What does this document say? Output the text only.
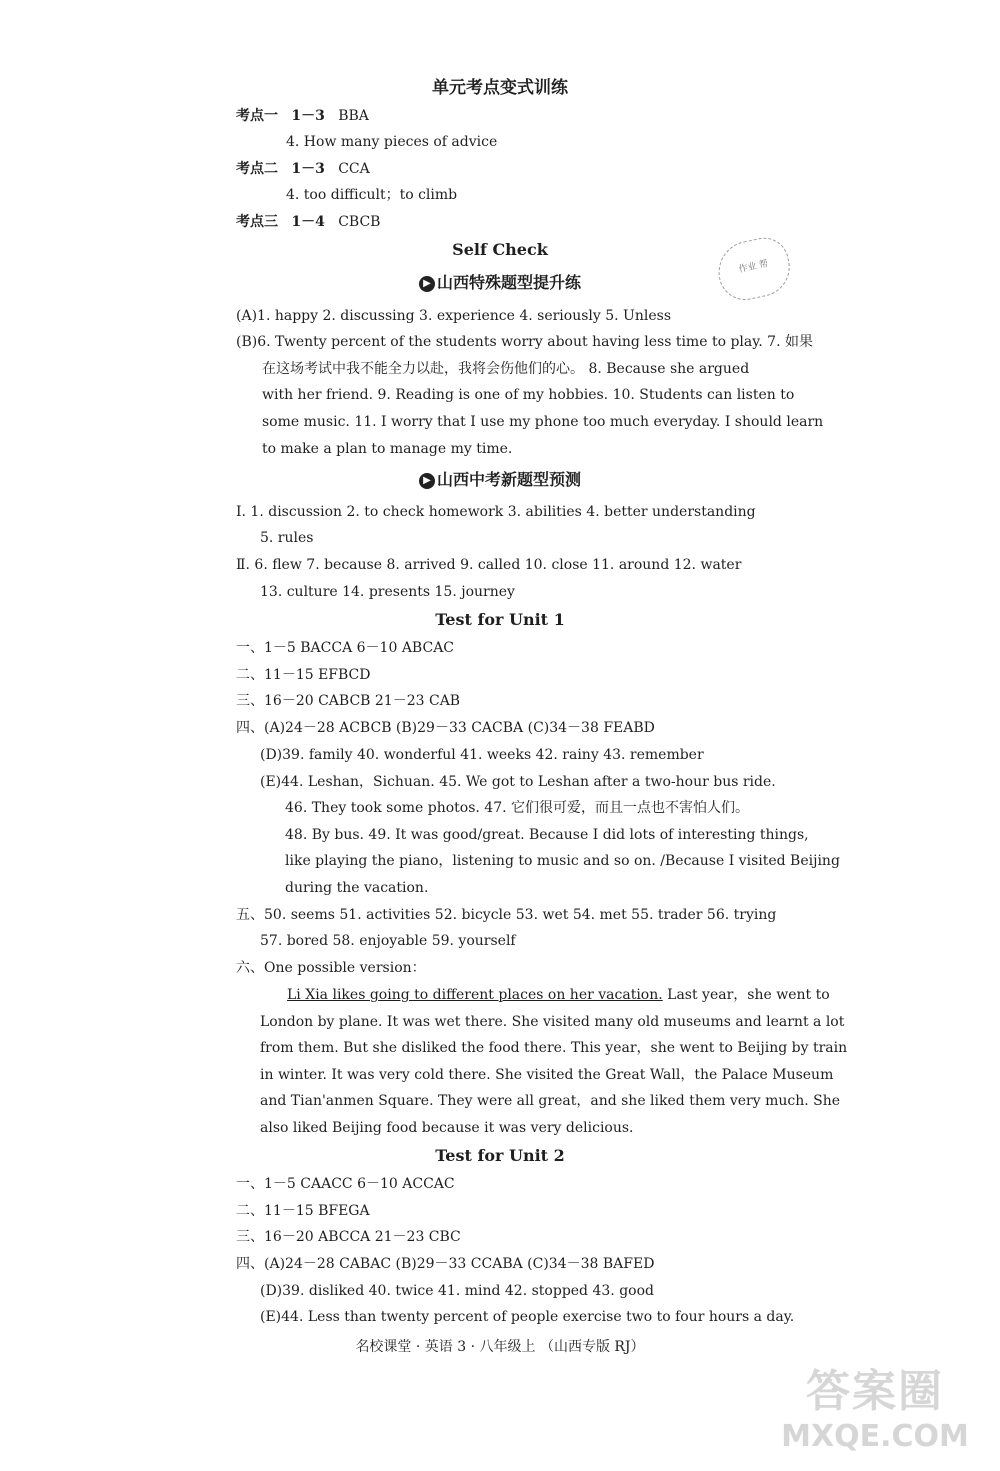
单元考点变式训练
考点一 1－3 BBA
4. How many pieces of advice
考点二 1－3 CCA
4. too difficult；to climb
考点三 1－4 CBCB
Self Check
作业 帮
▶ 山西特殊题型提升练
(A)1. happy 2. discussing 3. experience 4. seriously 5. Unless
(B)6. Twenty percent of the students worry about having less time to play. 7. 如果
在这场考试中我不能全力以赴，我将会伤他们的心。 8. Because she argued
with her friend. 9. Reading is one of my hobbies. 10. Students can listen to
some music. 11. I worry that I use my phone too much everyday. I should learn
to make a plan to manage my time.
▶ 山西中考新题型预测
Ⅰ. 1. discussion 2. to check homework 3. abilities 4. better understanding
5. rules
Ⅱ. 6. flew 7. because 8. arrived 9. called 10. close 11. around 12. water
13. culture 14. presents 15. journey
Test for Unit 1
一、1－5 BACCA 6－10 ABCAC
二、11－15 EFBCD
三、16－20 CABCB 21－23 CAB
四、(A)24－28 ACBCB (B)29－33 CACBA (C)34－38 FEABD
(D)39. family 40. wonderful 41. weeks 42. rainy 43. remember
(E)44. Leshan，Sichuan. 45. We got to Leshan after a two-hour bus ride.
46. They took some photos. 47. 它们很可爱，而且一点也不害怕人们。
48. By bus. 49. It was good/great. Because I did lots of interesting things,
like playing the piano，listening to music and so on. /Because I visited Beijing
during the vacation.
五、50. seems 51. activities 52. bicycle 53. wet 54. met 55. trader 56. trying
57. bored 58. enjoyable 59. yourself
六、One possible version：
Li Xia likes going to different places on her vacation. Last year，she went to
London by plane. It was wet there. She visited many old museums and learnt a lot
from them. But she disliked the food there. This year，she went to Beijing by train
in winter. It was very cold there. She visited the Great Wall，the Palace Museum
and Tian'anmen Square. They were all great，and she liked them very much. She
also liked Beijing food because it was very delicious.
Test for Unit 2
一、1－5 CAACC 6－10 ACCAC
二、11－15 BFEGA
三、16－20 ABCCA 21－23 CBC
四、(A)24－28 CABAC (B)29－33 CCABA (C)34－38 BAFED
(D)39. disliked 40. twice 41. mind 42. stopped 43. good
(E)44. Less than twenty percent of people exercise two to four hours a day.
名校课堂 · 英语 3 · 八年级上 （山西专版 RJ）
答案圈
MXQE.COM
